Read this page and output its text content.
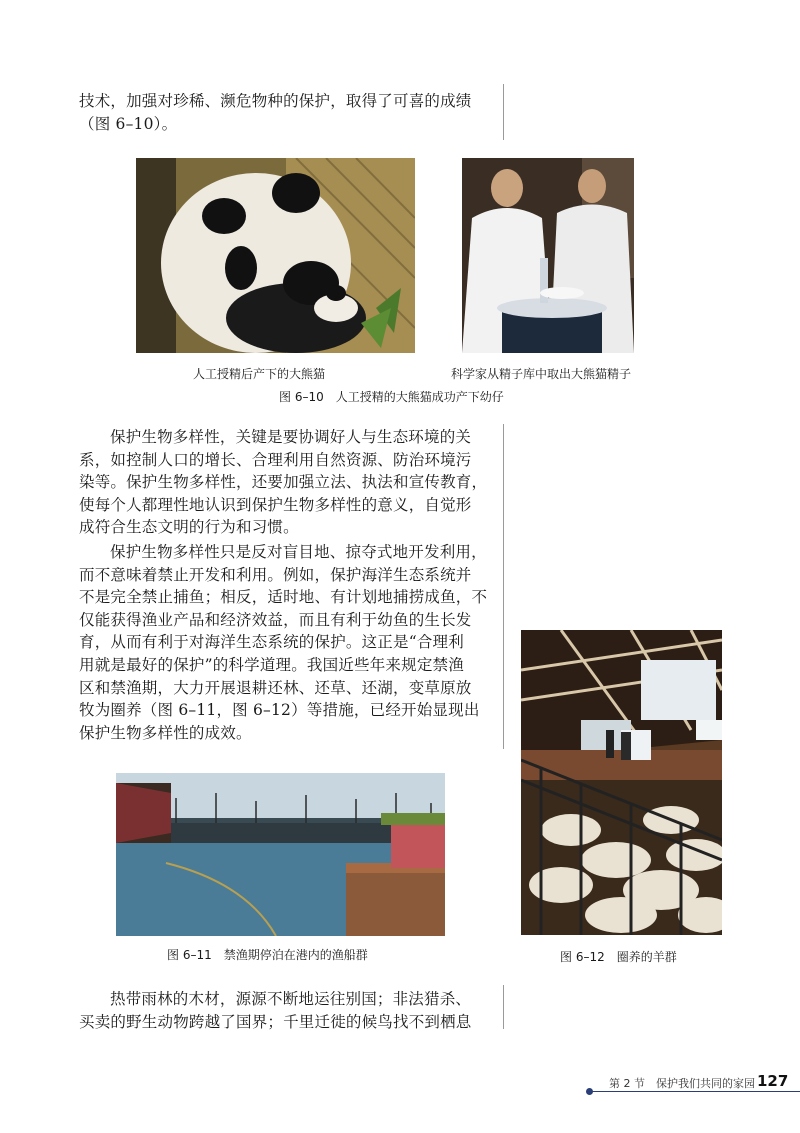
技术，加强对珍稀、濒危物种的保护，取得了可喜的成绩
（图 6–10）。
人工授精后产下的大熊猫	科学家从精子库中取出大熊猫精子
图 6–10　人工授精的大熊猫成功产下幼仔
保护生物多样性，关键是要协调好人与生态环境的关
系，如控制人口的增长、合理利用自然资源、防治环境污
染等。保护生物多样性，还要加强立法、执法和宣传教育，
使每个人都理性地认识到保护生物多样性的意义，自觉形
成符合生态文明的行为和习惯。
保护生物多样性只是反对盲目地、掠夺式地开发利用，
而不意味着禁止开发和利用。例如，保护海洋生态系统并
不是完全禁止捕鱼；相反，适时地、有计划地捕捞成鱼，不
仅能获得渔业产品和经济效益，而且有利于幼鱼的生长发
育，从而有利于对海洋生态系统的保护。这正是“合理利
用就是最好的保护”的科学道理。我国近些年来规定禁渔
区和禁渔期，大力开展退耕还林、还草、还湖，变草原放
牧为圈养（图 6–11，图 6–12）等措施，已经开始显现出
保护生物多样性的成效。
图 6–11　禁渔期停泊在港内的渔船群	图 6–12　圈养的羊群
热带雨林的木材，源源不断地运往别国；非法猎杀、
买卖的野生动物跨越了国界；千里迁徙的候鸟找不到栖息
第 2 节　保护我们共同的家园 127
